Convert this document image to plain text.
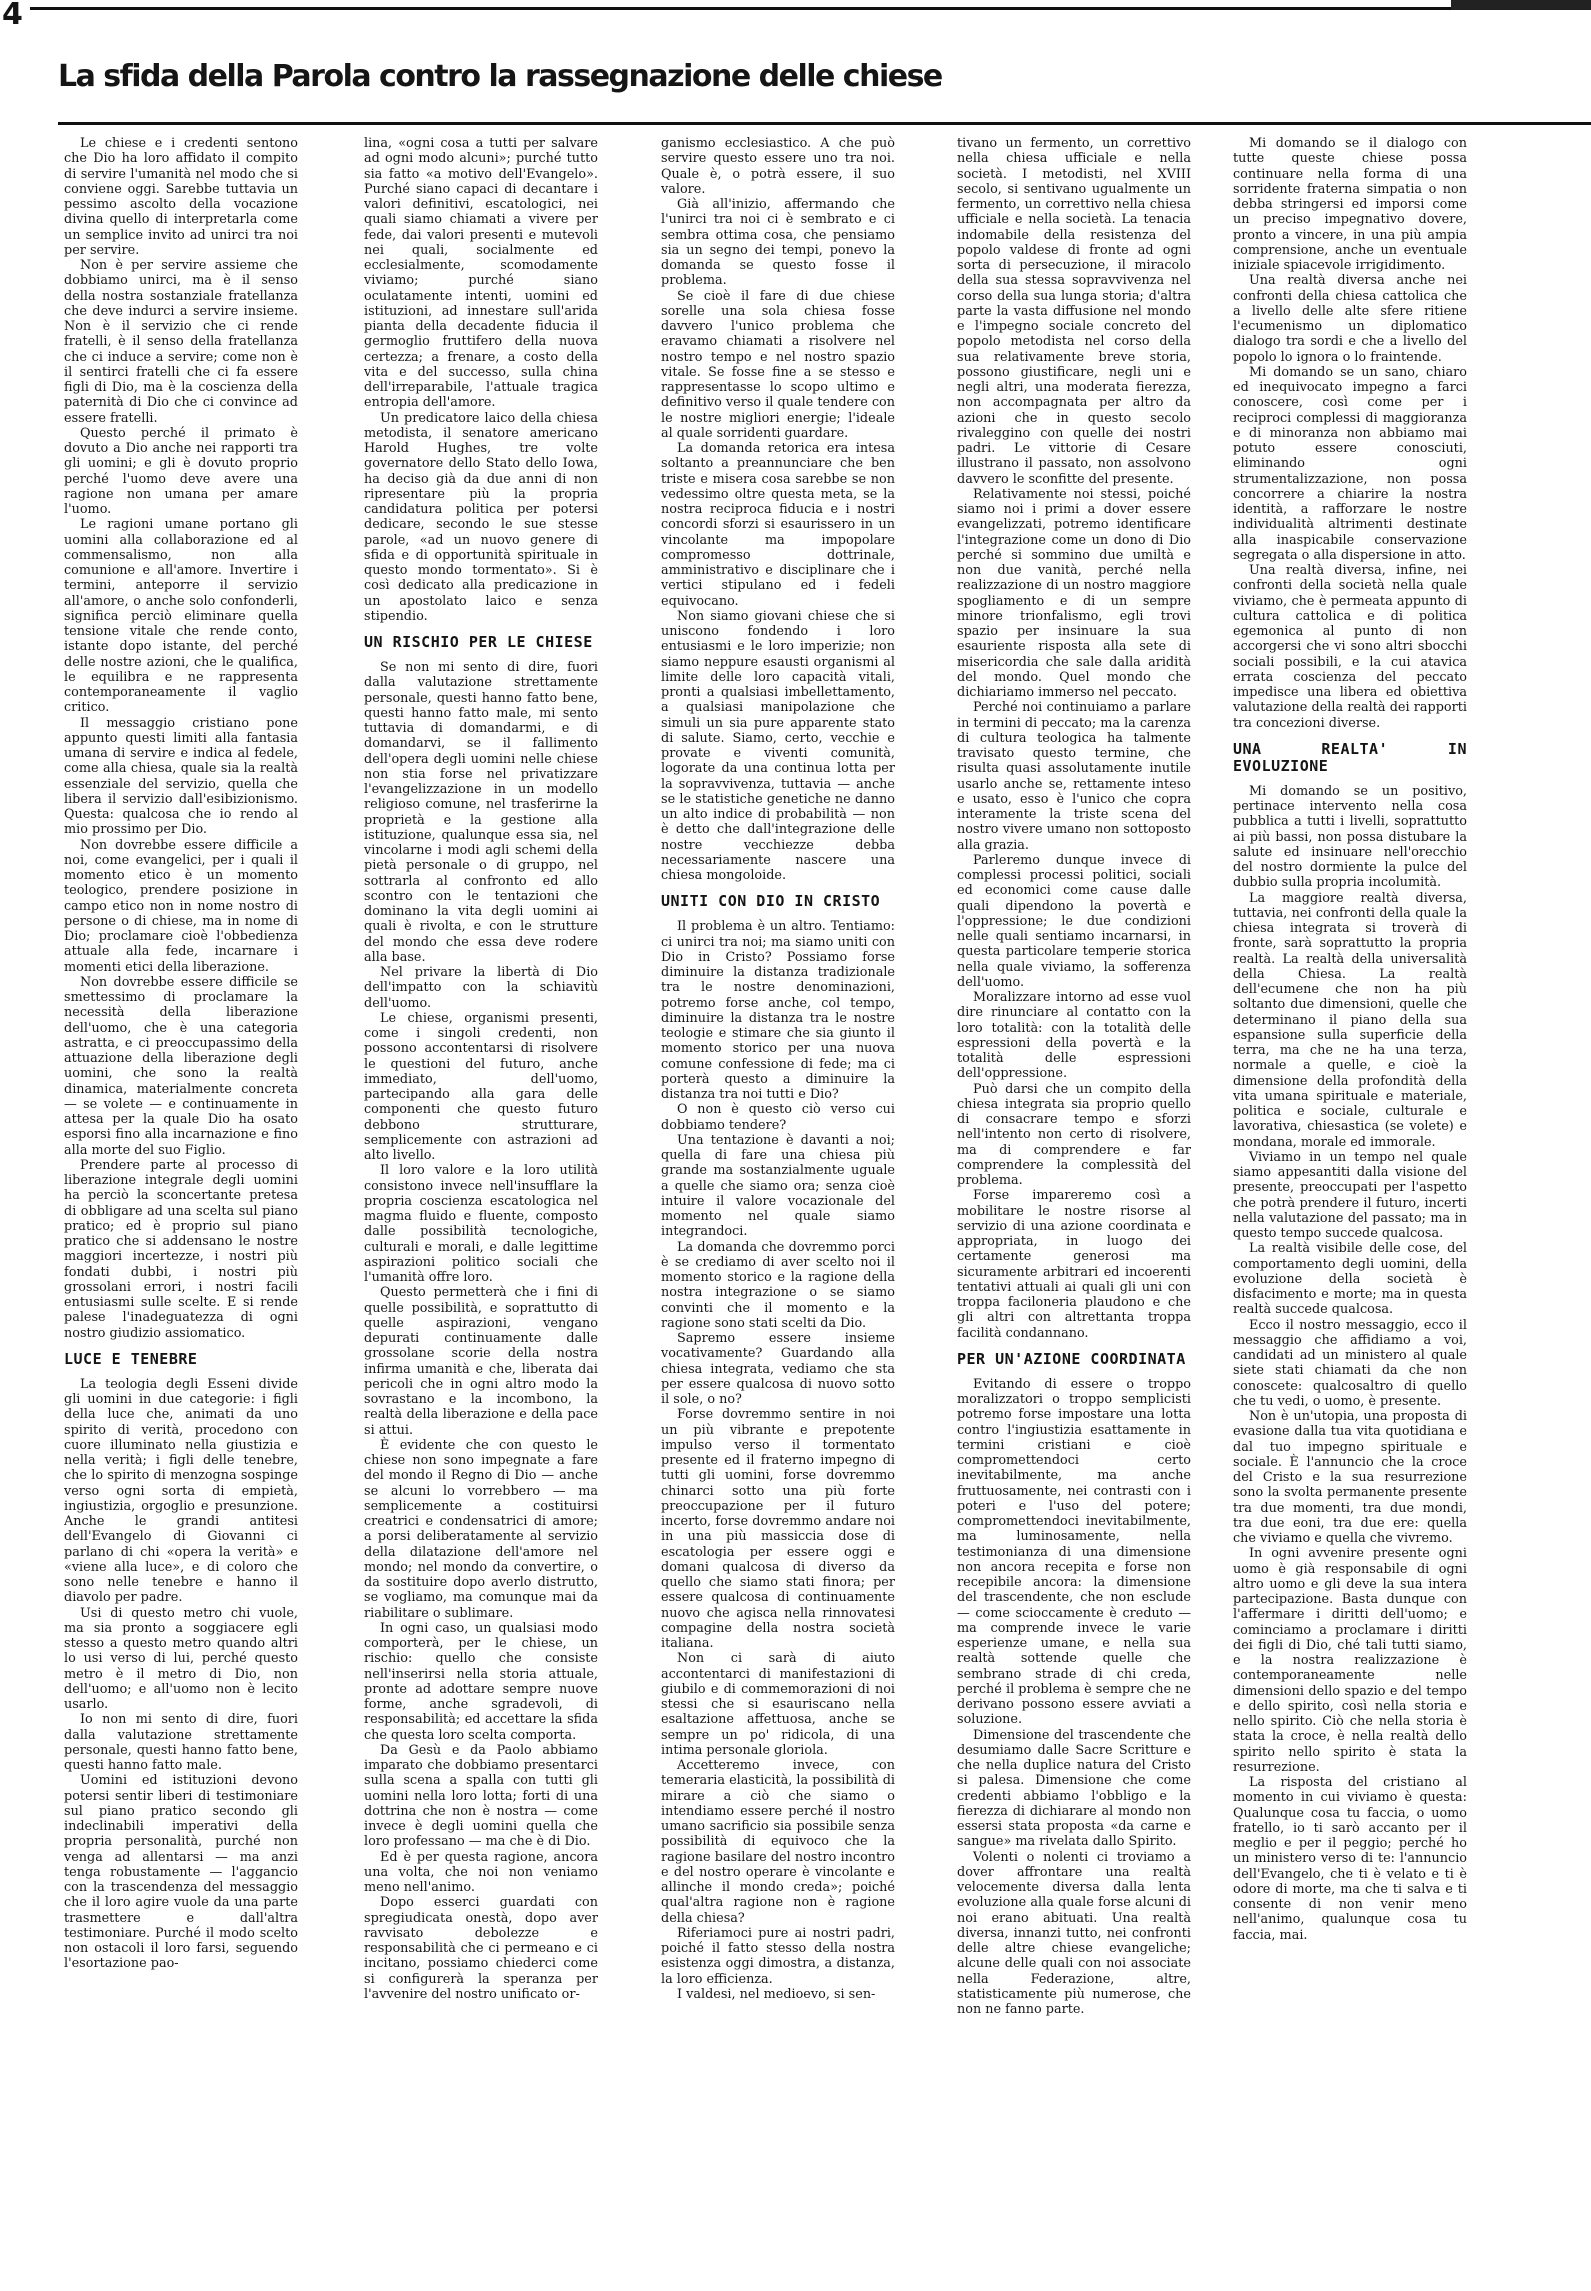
4
La sfida della Parola contro la rassegnazione delle chiese

Le chiese e i credenti sentono che Dio ha loro affidato il compito di servire l'umanità nel modo che si conviene oggi. Sarebbe tuttavia un pessimo ascolto della vocazione divina quello di interpretarla come un semplice invito ad unirci tra noi per servire.

Non è per servire assieme che dobbiamo unirci, ma è il senso della nostra sostanziale fratellanza che deve indurci a servire insieme. Non è il servizio che ci rende fratelli, è il senso della fratellanza che ci induce a servire; come non è il sentirci fratelli che ci fa essere figli di Dio, ma è la coscienza della paternità di Dio che ci convince ad essere fratelli.

Questo perché il primato è dovuto a Dio anche nei rapporti tra gli uomini; e gli è dovuto proprio perché l'uomo deve avere una ragione non umana per amare l'uomo.

Le ragioni umane portano gli uomini alla collaborazione ed al commensalismo, non alla comunione e all'amore. Invertire i termini, anteporre il servizio all'amore, o anche solo confonderli, significa perciò eliminare quella tensione vitale che rende conto, istante dopo istante, del perché delle nostre azioni, che le qualifica, le equilibra e ne rappresenta contemporaneamente il vaglio critico.

Il messaggio cristiano pone appunto questi limiti alla fantasia umana di servire e indica al fedele, come alla chiesa, quale sia la realtà essenziale del servizio, quella che libera il servizio dall'esibizionismo. Questa: qualcosa che io rendo al mio prossimo per Dio.

Non dovrebbe essere difficile a noi, come evangelici, per i quali il momento etico è un momento teologico, prendere posizione in campo etico non in nome nostro di persone o di chiese, ma in nome di Dio; proclamare cioè l'obbedienza attuale alla fede, incarnare i momenti etici della liberazione.

Non dovrebbe essere difficile se smettessimo di proclamare la necessità della liberazione dell'uomo, che è una categoria astratta, e ci preoccupassimo della attuazione della liberazione degli uomini, che sono la realtà dinamica, materialmente concreta — se volete — e continuamente in attesa per la quale Dio ha osato esporsi fino alla incarnazione e fino alla morte del suo Figlio.

Prendere parte al processo di liberazione integrale degli uomini ha perciò la sconcertante pretesa di obbligare ad una scelta sul piano pratico; ed è proprio sul piano pratico che si addensano le nostre maggiori incertezze, i nostri più fondati dubbi, i nostri più grossolani errori, i nostri facili entusiasmi sulle scelte. E si rende palese l'inadeguatezza di ogni nostro giudizio assiomatico.

LUCE E TENEBRE

La teologia degli Esseni divide gli uomini in due categorie: i figli della luce che, animati da uno spirito di verità, procedono con cuore illuminato nella giustizia e nella verità; i figli delle tenebre, che lo spirito di menzogna sospinge verso ogni sorta di empietà, ingiustizia, orgoglio e presunzione. Anche le grandi antitesi dell'Evangelo di Giovanni ci parlano di chi «opera la verità» e «viene alla luce», e di coloro che sono nelle tenebre e hanno il diavolo per padre.

Usi di questo metro chi vuole, ma sia pronto a soggiacere egli stesso a questo metro quando altri lo usi verso di lui, perché questo metro è il metro di Dio, non dell'uomo; e all'uomo non è lecito usarlo.

Io non mi sento di dire, fuori dalla valutazione strettamente personale, questi hanno fatto bene, questi hanno fatto male.

Uomini ed istituzioni devono potersi sentir liberi di testimoniare sul piano pratico secondo gli indeclinabili imperativi della propria personalità, purché non venga ad allentarsi — ma anzi tenga robustamente — l'aggancio con la trascendenza del messaggio che il loro agire vuole da una parte trasmettere e dall'altra testimoniare. Purché il modo scelto non ostacoli il loro farsi, seguendo l'esortazione pao-

lina, «ogni cosa a tutti per salvare ad ogni modo alcuni»; purché tutto sia fatto «a motivo dell'Evangelo». Purché siano capaci di decantare i valori definitivi, escatologici, nei quali siamo chiamati a vivere per fede, dai valori presenti e mutevoli nei quali, socialmente ed ecclesialmente, scomodamente viviamo; purché siano oculatamente intenti, uomini ed istituzioni, ad innestare sull'arida pianta della decadente fiducia il germoglio fruttifero della nuova certezza; a frenare, a costo della vita e del successo, sulla china dell'irreparabile, l'attuale tragica entropia dell'amore.

Un predicatore laico della chiesa metodista, il senatore americano Harold Hughes, tre volte governatore dello Stato dello Iowa, ha deciso già da due anni di non ripresentare più la propria candidatura politica per potersi dedicare, secondo le sue stesse parole, «ad un nuovo genere di sfida e di opportunità spirituale in questo mondo tormentato». Si è così dedicato alla predicazione in un apostolato laico e senza stipendio.

UN RISCHIO PER LE CHIESE

Se non mi sento di dire, fuori dalla valutazione strettamente personale, questi hanno fatto bene, questi hanno fatto male, mi sento tuttavia di domandarmi, e di domandarvi, se il fallimento dell'opera degli uomini nelle chiese non stia forse nel privatizzare l'evangelizzazione in un modello religioso comune, nel trasferirne la proprietà e la gestione alla istituzione, qualunque essa sia, nel vincolarne i modi agli schemi della pietà personale o di gruppo, nel sottrarla al confronto ed allo scontro con le tentazioni che dominano la vita degli uomini ai quali è rivolta, e con le strutture del mondo che essa deve rodere alla base.

Nel privare la libertà di Dio dell'impatto con la schiavitù dell'uomo.

Le chiese, organismi presenti, come i singoli credenti, non possono accontentarsi di risolvere le questioni del futuro, anche immediato, dell'uomo, partecipando alla gara delle componenti che questo futuro debbono strutturare, semplicemente con astrazioni ad alto livello.

Il loro valore e la loro utilità consistono invece nell'insufflare la propria coscienza escatologica nel magma fluido e fluente, composto dalle possibilità tecnologiche, culturali e morali, e dalle legittime aspirazioni politico sociali che l'umanità offre loro.

Questo permetterà che i fini di quelle possibilità, e soprattutto di quelle aspirazioni, vengano depurati continuamente dalle grossolane scorie della nostra infirma umanità e che, liberata dai pericoli che in ogni altro modo la sovrastano e la incombono, la realtà della liberazione e della pace si attui.

È evidente che con questo le chiese non sono impegnate a fare del mondo il Regno di Dio — anche se alcuni lo vorrebbero — ma semplicemente a costituirsi creatrici e condensatrici di amore; a porsi deliberatamente al servizio della dilatazione dell'amore nel mondo; nel mondo da convertire, o da sostituire dopo averlo distrutto, se vogliamo, ma comunque mai da riabilitare o sublimare.

In ogni caso, un qualsiasi modo comporterà, per le chiese, un rischio: quello che consiste nell'inserirsi nella storia attuale, pronte ad adottare sempre nuove forme, anche sgradevoli, di responsabilità; ed accettare la sfida che questa loro scelta comporta.

Da Gesù e da Paolo abbiamo imparato che dobbiamo presentarci sulla scena a spalla con tutti gli uomini nella loro lotta; forti di una dottrina che non è nostra — come invece è degli uomini quella che loro professano — ma che è di Dio.

Ed è per questa ragione, ancora una volta, che noi non veniamo meno nell'animo.

Dopo esserci guardati con spregiudicata onestà, dopo aver ravvisato debolezze e responsabilità che ci permeano e ci incitano, possiamo chiederci come si configurerà la speranza per l'avvenire del nostro unificato or-

ganismo ecclesiastico. A che può servire questo essere uno tra noi. Quale è, o potrà essere, il suo valore.

Già all'inizio, affermando che l'unirci tra noi ci è sembrato e ci sembra ottima cosa, che pensiamo sia un segno dei tempi, ponevo la domanda se questo fosse il problema.

Se cioè il fare di due chiese sorelle una sola chiesa fosse davvero l'unico problema che eravamo chiamati a risolvere nel nostro tempo e nel nostro spazio vitale. Se fosse fine a se stesso e rappresentasse lo scopo ultimo e definitivo verso il quale tendere con le nostre migliori energie; l'ideale al quale sorridenti guardare.

La domanda retorica era intesa soltanto a preannunciare che ben triste e misera cosa sarebbe se non vedessimo oltre questa meta, se la nostra reciproca fiducia e i nostri concordi sforzi si esaurissero in un vincolante ma impopolare compromesso dottrinale, amministrativo e disciplinare che i vertici stipulano ed i fedeli equivocano.

Non siamo giovani chiese che si uniscono fondendo i loro entusiasmi e le loro imperizie; non siamo neppure esausti organismi al limite delle loro capacità vitali, pronti a qualsiasi imbellettamento, a qualsiasi manipolazione che simuli un sia pure apparente stato di salute. Siamo, certo, vecchie e provate e viventi comunità, logorate da una continua lotta per la sopravvivenza, tuttavia — anche se le statistiche genetiche ne danno un alto indice di probabilità — non è detto che dall'integrazione delle nostre vecchiezze debba necessariamente nascere una chiesa mongoloide.

UNITI CON DIO IN CRISTO

Il problema è un altro. Tentiamo: ci unirci tra noi; ma siamo uniti con Dio in Cristo? Possiamo forse diminuire la distanza tradizionale tra le nostre denominazioni, potremo forse anche, col tempo, diminuire la distanza tra le nostre teologie e stimare che sia giunto il momento storico per una nuova comune confessione di fede; ma ci porterà questo a diminuire la distanza tra noi tutti e Dio?

O non è questo ciò verso cui dobbiamo tendere?

Una tentazione è davanti a noi; quella di fare una chiesa più grande ma sostanzialmente uguale a quelle che siamo ora; senza cioè intuire il valore vocazionale del momento nel quale siamo integrandoci.

La domanda che dovremmo porci è se crediamo di aver scelto noi il momento storico e la ragione della nostra integrazione o se siamo convinti che il momento e la ragione sono stati scelti da Dio.

Sapremo essere insieme vocativamente? Guardando alla chiesa integrata, vediamo che sta per essere qualcosa di nuovo sotto il sole, o no?

Forse dovremmo sentire in noi un più vibrante e prepotente impulso verso il tormentato presente ed il fraterno impegno di tutti gli uomini, forse dovremmo chinarci sotto una più forte preoccupazione per il futuro incerto, forse dovremmo andare noi in una più massiccia dose di escatologia per essere oggi e domani qualcosa di diverso da quello che siamo stati finora; per essere qualcosa di continuamente nuovo che agisca nella rinnovatesi compagine della nostra società italiana.

Non ci sarà di aiuto accontentarci di manifestazioni di giubilo e di commemorazioni di noi stessi che si esauriscano nella esaltazione affettuosa, anche se sempre un po' ridicola, di una intima personale gloriola.

Accetteremo invece, con temeraria elasticità, la possibilità di mirare a ciò che siamo o intendiamo essere perché il nostro umano sacrificio sia possibile senza possibilità di equivoco che la ragione basilare del nostro incontro e del nostro operare è vincolante e allinche il mondo creda»; poiché qual'altra ragione non è ragione della chiesa?

Riferiamoci pure ai nostri padri, poiché il fatto stesso della nostra esistenza oggi dimostra, a distanza, la loro efficienza.

I valdesi, nel medioevo, si sen-

tivano un fermento, un correttivo nella chiesa ufficiale e nella società. I metodisti, nel XVIII secolo, si sentivano ugualmente un fermento, un correttivo nella chiesa ufficiale e nella società. La tenacia indomabile della resistenza del popolo valdese di fronte ad ogni sorta di persecuzione, il miracolo della sua stessa sopravvivenza nel corso della sua lunga storia; d'altra parte la vasta diffusione nel mondo e l'impegno sociale concreto del popolo metodista nel corso della sua relativamente breve storia, possono giustificare, negli uni e negli altri, una moderata fierezza, non accompagnata per altro da azioni che in questo secolo rivaleggino con quelle dei nostri padri. Le vittorie di Cesare illustrano il passato, non assolvono davvero le sconfitte del presente.

Relativamente noi stessi, poiché siamo noi i primi a dover essere evangelizzati, potremo identificare l'integrazione come un dono di Dio perché si sommino due umiltà e non due vanità, perché nella realizzazione di un nostro maggiore spogliamento e di un sempre minore trionfalismo, egli trovi spazio per insinuare la sua esauriente risposta alla sete di misericordia che sale dalla aridità del mondo. Quel mondo che dichiariamo immerso nel peccato.

Perché noi continuiamo a parlare in termini di peccato; ma la carenza di cultura teologica ha talmente travisato questo termine, che risulta quasi assolutamente inutile usarlo anche se, rettamente inteso e usato, esso è l'unico che copra interamente la triste scena del nostro vivere umano non sottoposto alla grazia.

Parleremo dunque invece di complessi processi politici, sociali ed economici come cause dalle quali dipendono la povertà e l'oppressione; le due condizioni nelle quali sentiamo incarnarsi, in questa particolare temperie storica nella quale viviamo, la sofferenza dell'uomo.

Moralizzare intorno ad esse vuol dire rinunciare al contatto con la loro totalità: con la totalità delle espressioni della povertà e la totalità delle espressioni dell'oppressione.

Può darsi che un compito della chiesa integrata sia proprio quello di consacrare tempo e sforzi nell'intento non certo di risolvere, ma di comprendere e far comprendere la complessità del problema.

Forse impareremo così a mobilitare le nostre risorse al servizio di una azione coordinata e appropriata, in luogo dei certamente generosi ma sicuramente arbitrari ed incoerenti tentativi attuali ai quali gli uni con troppa faciloneria plaudono e che gli altri con altrettanta troppa facilità condannano.

PER UN'AZIONE COORDINATA

Evitando di essere o troppo moralizzatori o troppo semplicisti potremo forse impostare una lotta contro l'ingiustizia esattamente in termini cristiani e cioè compromettendoci certo inevitabilmente, ma anche fruttuosamente, nei contrasti con i poteri e l'uso del potere; compromettendoci inevitabilmente, ma luminosamente, nella testimonianza di una dimensione non ancora recepita e forse non recepibile ancora: la dimensione del trascendente, che non esclude — come scioccamente è creduto — ma comprende invece le varie esperienze umane, e nella sua realtà sottende quelle che sembrano strade di chi creda, perché il problema è sempre che ne derivano possono essere avviati a soluzione.

Dimensione del trascendente che desumiamo dalle Sacre Scritture e che nella duplice natura del Cristo si palesa. Dimensione che come credenti abbiamo l'obbligo e la fierezza di dichiarare al mondo non essersi stata proposta «da carne e sangue» ma rivelata dallo Spirito.

Volenti o nolenti ci troviamo a dover affrontare una realtà velocemente diversa dalla lenta evoluzione alla quale forse alcuni di noi erano abituati. Una realtà diversa, innanzi tutto, nei confronti delle altre chiese evangeliche; alcune delle quali con noi associate nella Federazione, altre, statisticamente più numerose, che non ne fanno parte.

Mi domando se il dialogo con tutte queste chiese possa continuare nella forma di una sorridente fraterna simpatia o non debba stringersi ed imporsi come un preciso impegnativo dovere, pronto a vincere, in una più ampia comprensione, anche un eventuale iniziale spiacevole irrigidimento.

Una realtà diversa anche nei confronti della chiesa cattolica che a livello delle alte sfere ritiene l'ecumenismo un diplomatico dialogo tra sordi e che a livello del popolo lo ignora o lo fraintende.

Mi domando se un sano, chiaro ed inequivocato impegno a farci conoscere, così come per i reciproci complessi di maggioranza e di minoranza non abbiamo mai potuto essere conosciuti, eliminando ogni strumentalizzazione, non possa concorrere a chiarire la nostra identità, a rafforzare le nostre individualità altrimenti destinate alla inaspicabile conservazione segregata o alla dispersione in atto.

Una realtà diversa, infine, nei confronti della società nella quale viviamo, che è permeata appunto di cultura cattolica e di politica egemonica al punto di non accorgersi che vi sono altri sbocchi sociali possibili, e la cui atavica errata coscienza del peccato impedisce una libera ed obiettiva valutazione della realtà dei rapporti tra concezioni diverse.

UNA REALTA' IN EVOLUZIONE

Mi domando se un positivo, pertinace intervento nella cosa pubblica a tutti i livelli, soprattutto ai più bassi, non possa distubare la salute ed insinuare nell'orecchio del nostro dormiente la pulce del dubbio sulla propria incolumità.

La maggiore realtà diversa, tuttavia, nei confronti della quale la chiesa integrata si troverà di fronte, sarà soprattutto la propria realtà. La realtà della universalità della Chiesa. La realtà dell'ecumene che non ha più soltanto due dimensioni, quelle che determinano il piano della sua espansione sulla superficie della terra, ma che ne ha una terza, normale a quelle, e cioè la dimensione della profondità della vita umana spirituale e materiale, politica e sociale, culturale e lavorativa, chiesastica (se volete) e mondana, morale ed immorale.

Viviamo in un tempo nel quale siamo appesantiti dalla visione del presente, preoccupati per l'aspetto che potrà prendere il futuro, incerti nella valutazione del passato; ma in questo tempo succede qualcosa.

La realtà visibile delle cose, del comportamento degli uomini, della evoluzione della società è disfacimento e morte; ma in questa realtà succede qualcosa.

Ecco il nostro messaggio, ecco il messaggio che affidiamo a voi, candidati ad un ministero al quale siete stati chiamati da che non conoscete: qualcosaltro di quello che tu vedi, o uomo, è presente.

Non è un'utopia, una proposta di evasione dalla tua vita quotidiana e dal tuo impegno spirituale e sociale. È l'annuncio che la croce del Cristo e la sua resurrezione sono la svolta permanente presente tra due momenti, tra due mondi, tra due eoni, tra due ere: quella che viviamo e quella che vivremo.

In ogni avvenire presente ogni uomo è già responsabile di ogni altro uomo e gli deve la sua intera partecipazione. Basta dunque con l'affermare i diritti dell'uomo; e cominciamo a proclamare i diritti dei figli di Dio, ché tali tutti siamo, e la nostra realizzazione è contemporaneamente nelle dimensioni dello spazio e del tempo e dello spirito, così nella storia e nello spirito. Ciò che nella storia è stata la croce, è nella realtà dello spirito nello spirito è stata la resurrezione.

La risposta del cristiano al momento in cui viviamo è questa: Qualunque cosa tu faccia, o uomo fratello, io ti sarò accanto per il meglio e per il peggio; perché ho un ministero verso di te: l'annuncio dell'Evangelo, che ti è velato e ti è odore di morte, ma che ti salva e ti consente di non venir meno nell'animo, qualunque cosa tu faccia, mai.
